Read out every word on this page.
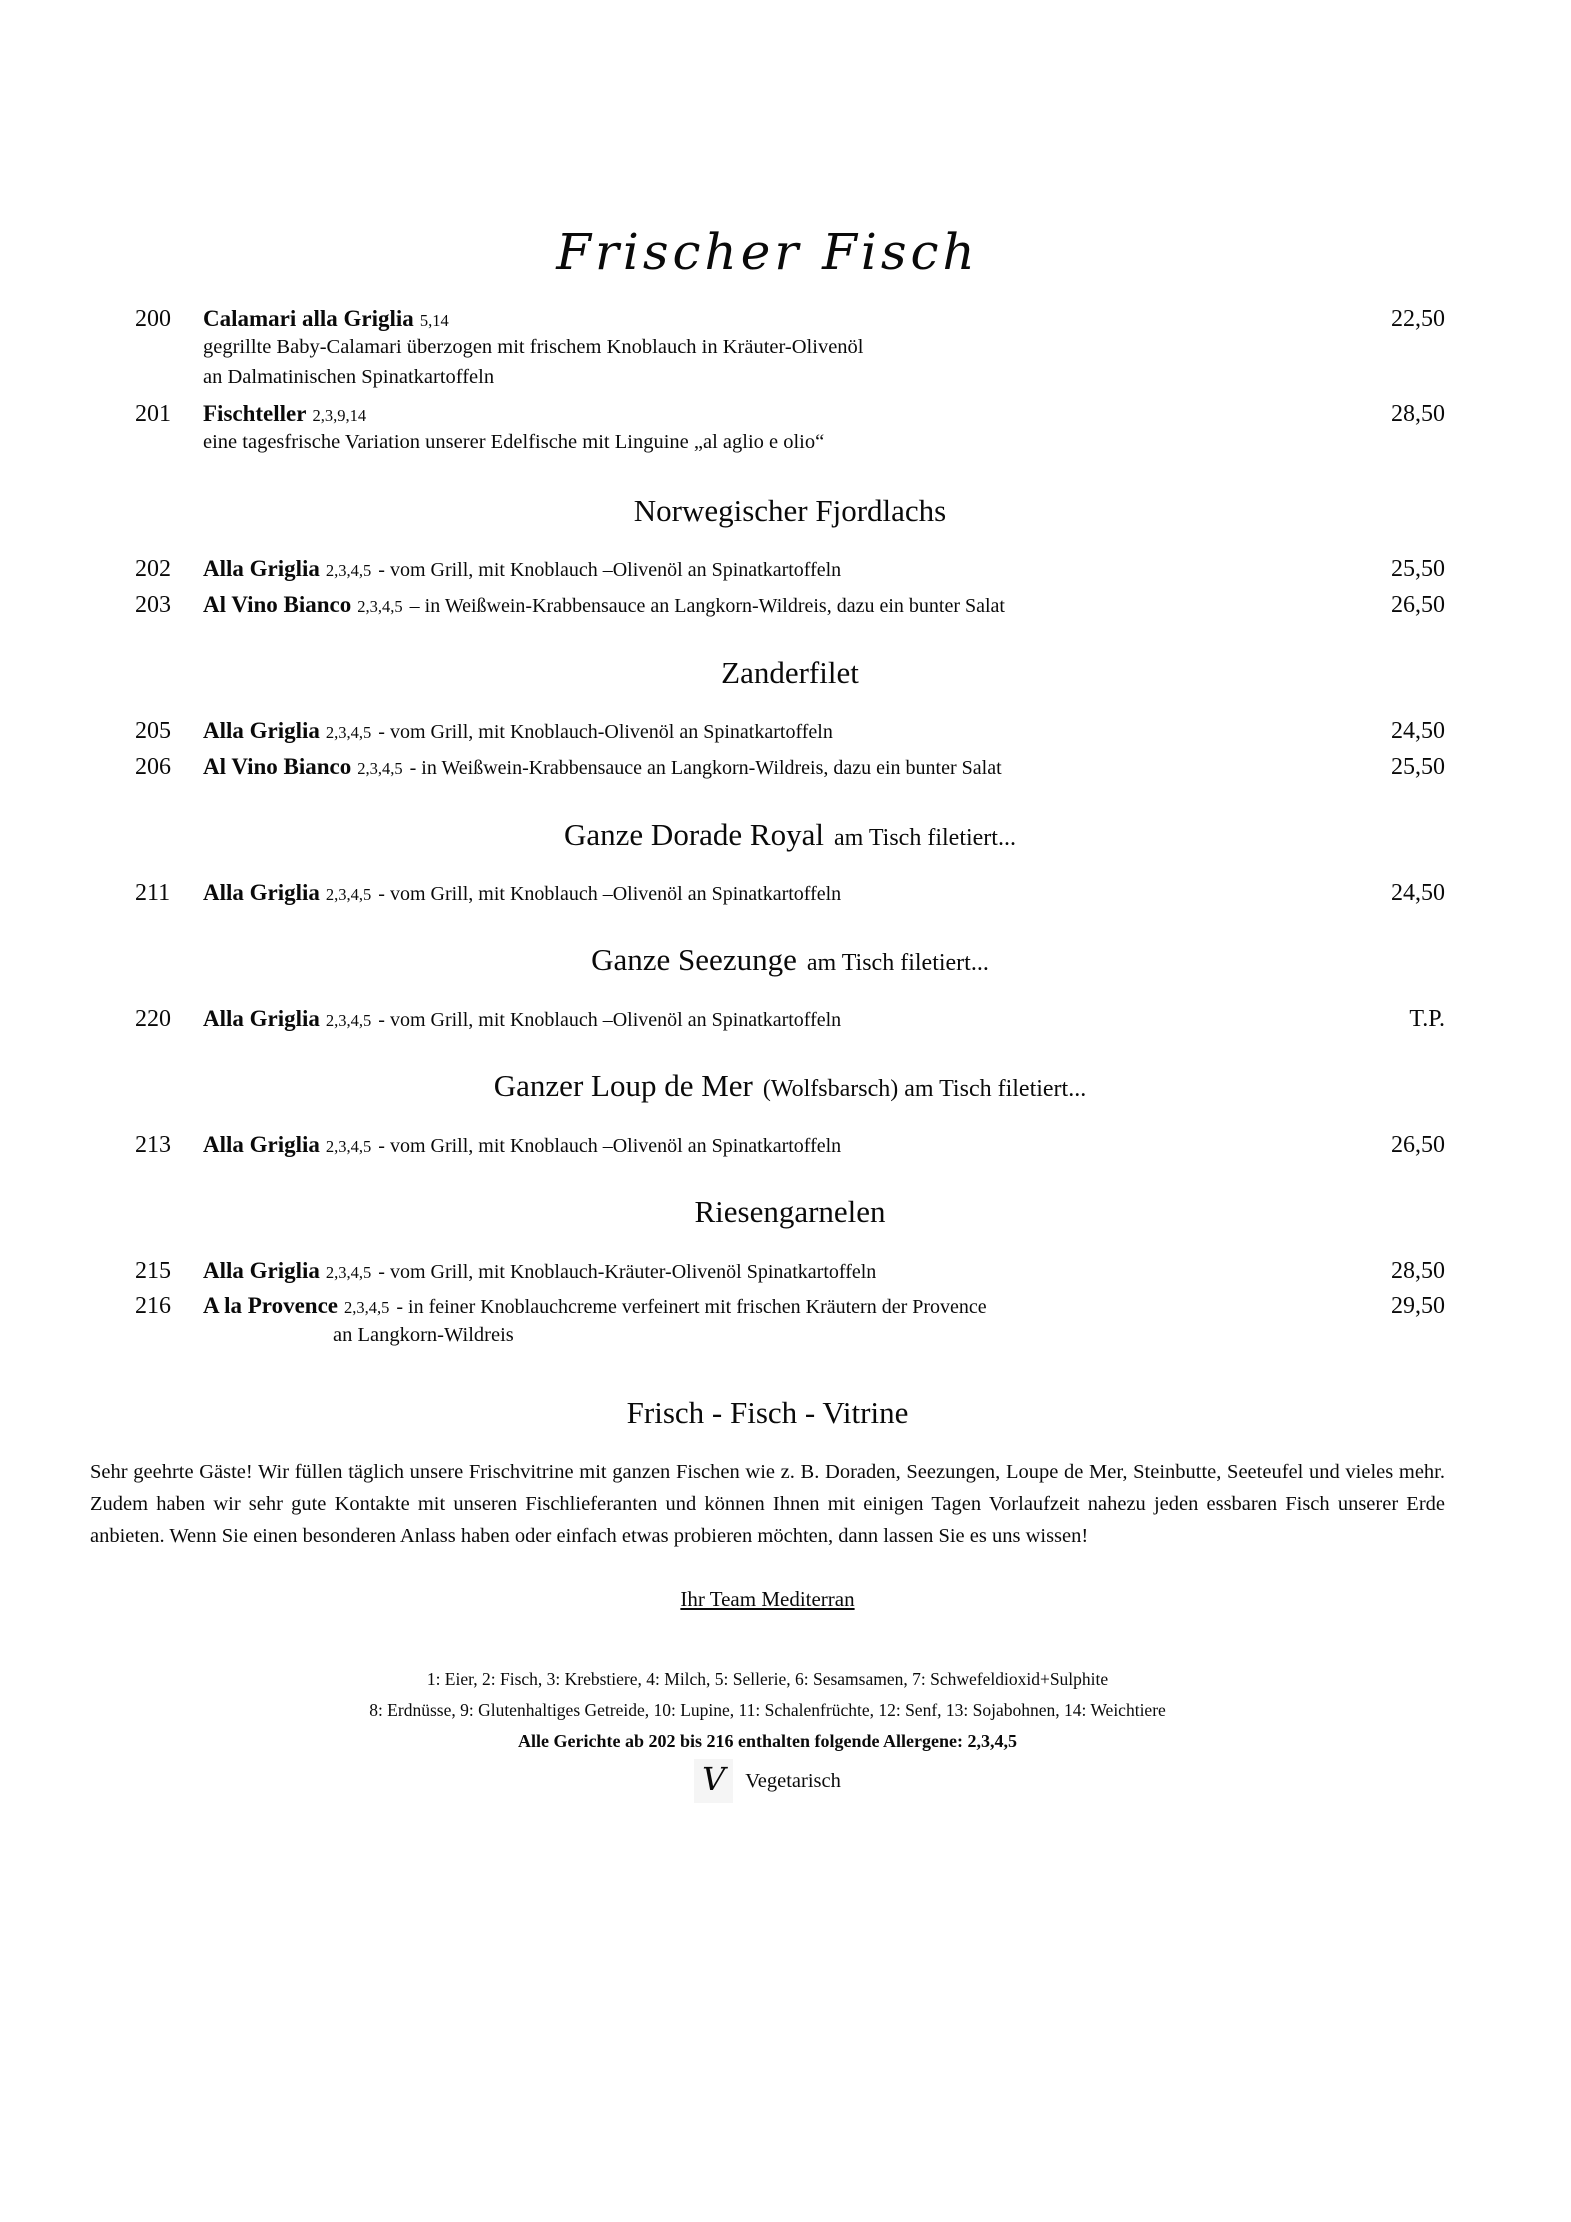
Frischer Fisch
200	Calamari alla Griglia 5,14
gegrillte Baby-Calamari überzogen mit frischem Knoblauch in Kräuter-Olivenöl
an Dalmatinischen Spinatkartoffeln
22,50
201	Fischteller 2,3,9,14
eine tagesfrische Variation unserer Edelfische mit Linguine „al aglio e olio“
28,50
Norwegischer Fjordlachs
202	Alla Griglia 2,3,4,5 - vom Grill, mit Knoblauch –Olivenöl an Spinatkartoffeln	25,50
203	Al Vino Bianco 2,3,4,5 – in Weißwein-Krabbensauce an Langkorn-Wildreis, dazu ein bunter Salat	26,50
Zanderfilet
205	Alla Griglia 2,3,4,5 - vom Grill, mit Knoblauch-Olivenöl an Spinatkartoffeln	24,50
206	Al Vino Bianco 2,3,4,5 - in Weißwein-Krabbensauce an Langkorn-Wildreis, dazu ein bunter Salat	25,50
Ganze Dorade Royal am Tisch filetiert...
211	Alla Griglia 2,3,4,5 - vom Grill, mit Knoblauch –Olivenöl an Spinatkartoffeln	24,50
Ganze Seezunge am Tisch filetiert...
220	Alla Griglia 2,3,4,5 - vom Grill, mit Knoblauch –Olivenöl an Spinatkartoffeln	T.P.
Ganzer Loup de Mer (Wolfsbarsch) am Tisch filetiert...
213	Alla Griglia 2,3,4,5 - vom Grill, mit Knoblauch –Olivenöl an Spinatkartoffeln	26,50
Riesengarnelen
215	Alla Griglia 2,3,4,5 - vom Grill, mit Knoblauch-Kräuter-Olivenöl Spinatkartoffeln	28,50
216	A la Provence 2,3,4,5 - in feiner Knoblauchcreme verfeinert mit frischen Kräutern der Provence
an Langkorn-Wildreis
29,50
Frisch - Fisch - Vitrine

Sehr geehrte Gäste! Wir füllen täglich unsere Frischvitrine mit ganzen Fischen wie z. B. Doraden, Seezungen, Loupe de Mer, Steinbutte, Seeteufel und vieles mehr. Zudem haben wir sehr gute Kontakte mit unseren Fischlieferanten und können Ihnen mit einigen Tagen Vorlaufzeit nahezu jeden essbaren Fisch unserer Erde anbieten. Wenn Sie einen besonderen Anlass haben oder einfach etwas probieren möchten, dann lassen Sie es uns wissen!

Ihr Team Mediterran
1: Eier, 2: Fisch, 3: Krebstiere, 4: Milch, 5: Sellerie, 6: Sesamsamen, 7: Schwefeldioxid+Sulphite
8: Erdnüsse, 9: Glutenhaltiges Getreide, 10: Lupine, 11: Schalenfrüchte, 12: Senf, 13: Sojabohnen, 14: Weichtiere
Alle Gerichte ab 202 bis 216 enthalten folgende Allergene: 2,3,4,5
V Vegetarisch
